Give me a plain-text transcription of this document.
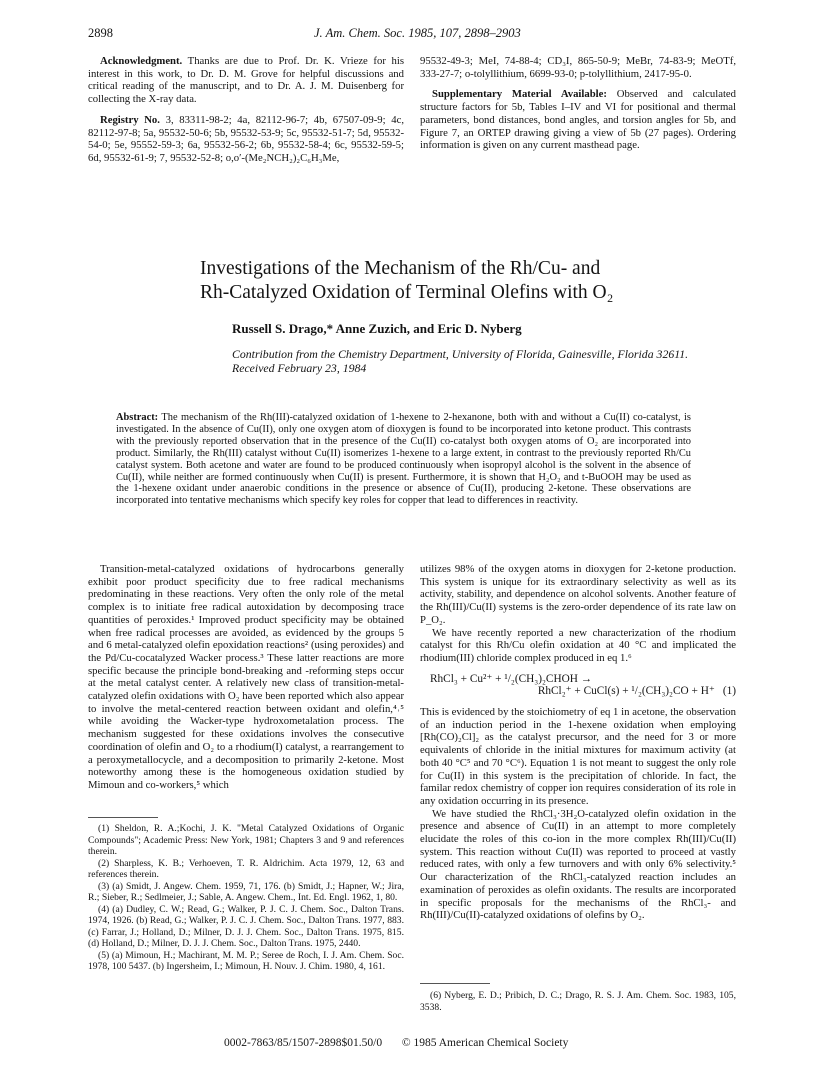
2898	J. Am. Chem. Soc. 1985, 107, 2898–2903

Acknowledgment. Thanks are due to Prof. Dr. K. Vrieze for his interest in this work, to Dr. D. M. Grove for helpful discussions and critical reading of the manuscript, and to Dr. A. J. M. Duisenberg for collecting the X-ray data.

Registry No. 3, 83311-98-2; 4a, 82112-96-7; 4b, 67507-09-9; 4c, 82112-97-8; 5a, 95532-50-6; 5b, 95532-53-9; 5c, 95532-51-7; 5d, 95532-54-0; 5e, 95552-59-3; 6a, 95532-56-2; 6b, 95532-58-4; 6c, 95532-59-5; 6d, 95532-61-9; 7, 95532-52-8; o,o′-(Me₂NCH₂)₂C₆H₃Me,

95532-49-3; MeI, 74-88-4; CD₃I, 865-50-9; MeBr, 74-83-9; MeOTf, 333-27-7; o-tolyllithium, 6699-93-0; p-tolyllithium, 2417-95-0.

Supplementary Material Available: Observed and calculated structure factors for 5b, Tables I–IV and VI for positional and thermal parameters, bond distances, bond angles, and torsion angles for 5b, and Figure 7, an ORTEP drawing giving a view of 5b (27 pages). Ordering information is given on any current masthead page.

Investigations of the Mechanism of the Rh/Cu- and
Rh-Catalyzed Oxidation of Terminal Olefins with O₂
Russell S. Drago,* Anne Zuzich, and Eric D. Nyberg
Contribution from the Chemistry Department, University of Florida, Gainesville, Florida 32611.
Received February 23, 1984
Abstract: The mechanism of the Rh(III)-catalyzed oxidation of 1-hexene to 2-hexanone, both with and without a Cu(II) co-catalyst, is investigated. In the absence of Cu(II), only one oxygen atom of dioxygen is found to be incorporated into ketone product. This contrasts with the previously reported observation that in the presence of the Cu(II) co-catalyst both oxygen atoms of O₂ are incorporated into product. Similarly, the Rh(III) catalyst without Cu(II) isomerizes 1-hexene to a large extent, in contrast to the previously reported Rh/Cu catalyst system. Both acetone and water are found to be produced continuously when isopropyl alcohol is the solvent in the absence of Cu(II), while neither are formed continuously when Cu(II) is present. Furthermore, it is shown that H₂O₂ and t-BuOOH may be used as the 1-hexene oxidant under anaerobic conditions in the presence or absence of Cu(II), producing 2-ketone. These observations are incorporated into tentative mechanisms which specify key roles for copper that lead to differences in reactivity.

Transition-metal-catalyzed oxidations of hydrocarbons generally exhibit poor product specificity due to free radical mechanisms predominating in these reactions. Very often the only role of the metal complex is to initiate free radical autoxidation by decomposing trace quantities of peroxides.¹ Improved product specificity may be obtained when free radical processes are avoided, as evidenced by the groups 5 and 6 metal-catalyzed olefin epoxidation reactions² (using peroxides) and the Pd/Cu-cocatalyzed Wacker process.³ These latter reactions are more specific because the principle bond-breaking and -reforming steps occur at the metal catalyst center. A relatively new class of transition-metal-catalyzed olefin oxidations with O₂ have been reported which also appear to involve the metal-centered reaction between oxidant and olefin,⁴˒⁵ while avoiding the Wacker-type hydroxometalation process. The mechanism suggested for these oxidations involves the consecutive coordination of olefin and O₂ to a rhodium(I) catalyst, a rearrangement to a peroxymetallocycle, and a decomposition to primarily 2-ketone. Most noteworthy among these is the homogeneous oxidation studied by Mimoun and co-workers,⁵ which

(1) Sheldon, R. A.;Kochi, J. K. "Metal Catalyzed Oxidations of Organic Compounds"; Academic Press: New York, 1981; Chapters 3 and 9 and references therein.

(2) Sharpless, K. B.; Verhoeven, T. R. Aldrichim. Acta 1979, 12, 63 and references therein.

(3) (a) Smidt, J. Angew. Chem. 1959, 71, 176. (b) Smidt, J.; Hapner, W.; Jira, R.; Sieber, R.; Sedlmeier, J.; Sable, A. Angew. Chem., Int. Ed. Engl. 1962, 1, 80.

(4) (a) Dudley, C. W.; Read, G.; Walker, P. J. C. J. Chem. Soc., Dalton Trans. 1974, 1926. (b) Read, G.; Walker, P. J. C. J. Chem. Soc., Dalton Trans. 1977, 883. (c) Farrar, J.; Holland, D.; Milner, D. J. J. Chem. Soc., Dalton Trans. 1975, 815. (d) Holland, D.; Milner, D. J. J. Chem. Soc., Dalton Trans. 1975, 2440.

(5) (a) Mimoun, H.; Machirant, M. M. P.; Seree de Roch, I. J. Am. Chem. Soc. 1978, 100 5437. (b) Ingersheim, I.; Mimoun, H. Nouv. J. Chim. 1980, 4, 161.

utilizes 98% of the oxygen atoms in dioxygen for 2-ketone production. This system is unique for its extraordinary selectivity as well as its activity, stability, and dependence on alcohol solvents. Another feature of the Rh(III)/Cu(II) systems is the zero-order dependence of its rate law on P_O₂.

We have recently reported a new characterization of the rhodium catalyst for this Rh/Cu olefin oxidation at 40 °C and implicated the rhodium(III) chloride complex produced in eq 1.⁶

RhCl₃ + Cu²⁺ + ¹/₂(CH₃)₂CHOH →
RhCl₂⁺ + CuCl(s) + ¹/₂(CH₃)₂CO + H⁺ (1)

This is evidenced by the stoichiometry of eq 1 in acetone, the observation of an induction period in the 1-hexene oxidation when employing [Rh(CO)₂Cl]₂ as the catalyst precursor, and the need for 3 or more equivalents of chloride in the initial mixtures for maximum activity (at both 40 °C⁵ and 70 °C⁶). Equation 1 is not meant to suggest the only role for Cu(II) in this system is the precipitation of chloride. In fact, the familar redox chemistry of copper ion requires consideration of its role in any oxidation occurring in its presence.

We have studied the RhCl₃·3H₂O-catalyzed olefin oxidation in the presence and absence of Cu(II) in an attempt to more completely elucidate the roles of this co-ion in the more complex Rh(III)/Cu(II) system. This reaction without Cu(II) was reported to proceed at vastly reduced rates, with only a few turnovers and with only 6% selectivity.⁵ Our characterization of the RhCl₃-catalyzed reaction includes an examination of peroxides as olefin oxidants. The results are incorporated in specific proposals for the mechanisms of the RhCl₃- and Rh(III)/Cu(II)-catalyzed oxidations of olefins by O₂.

(6) Nyberg, E. D.; Pribich, D. C.; Drago, R. S. J. Am. Chem. Soc. 1983, 105, 3538.

0002-7863/85/1507-2898$01.50/0 © 1985 American Chemical Society
